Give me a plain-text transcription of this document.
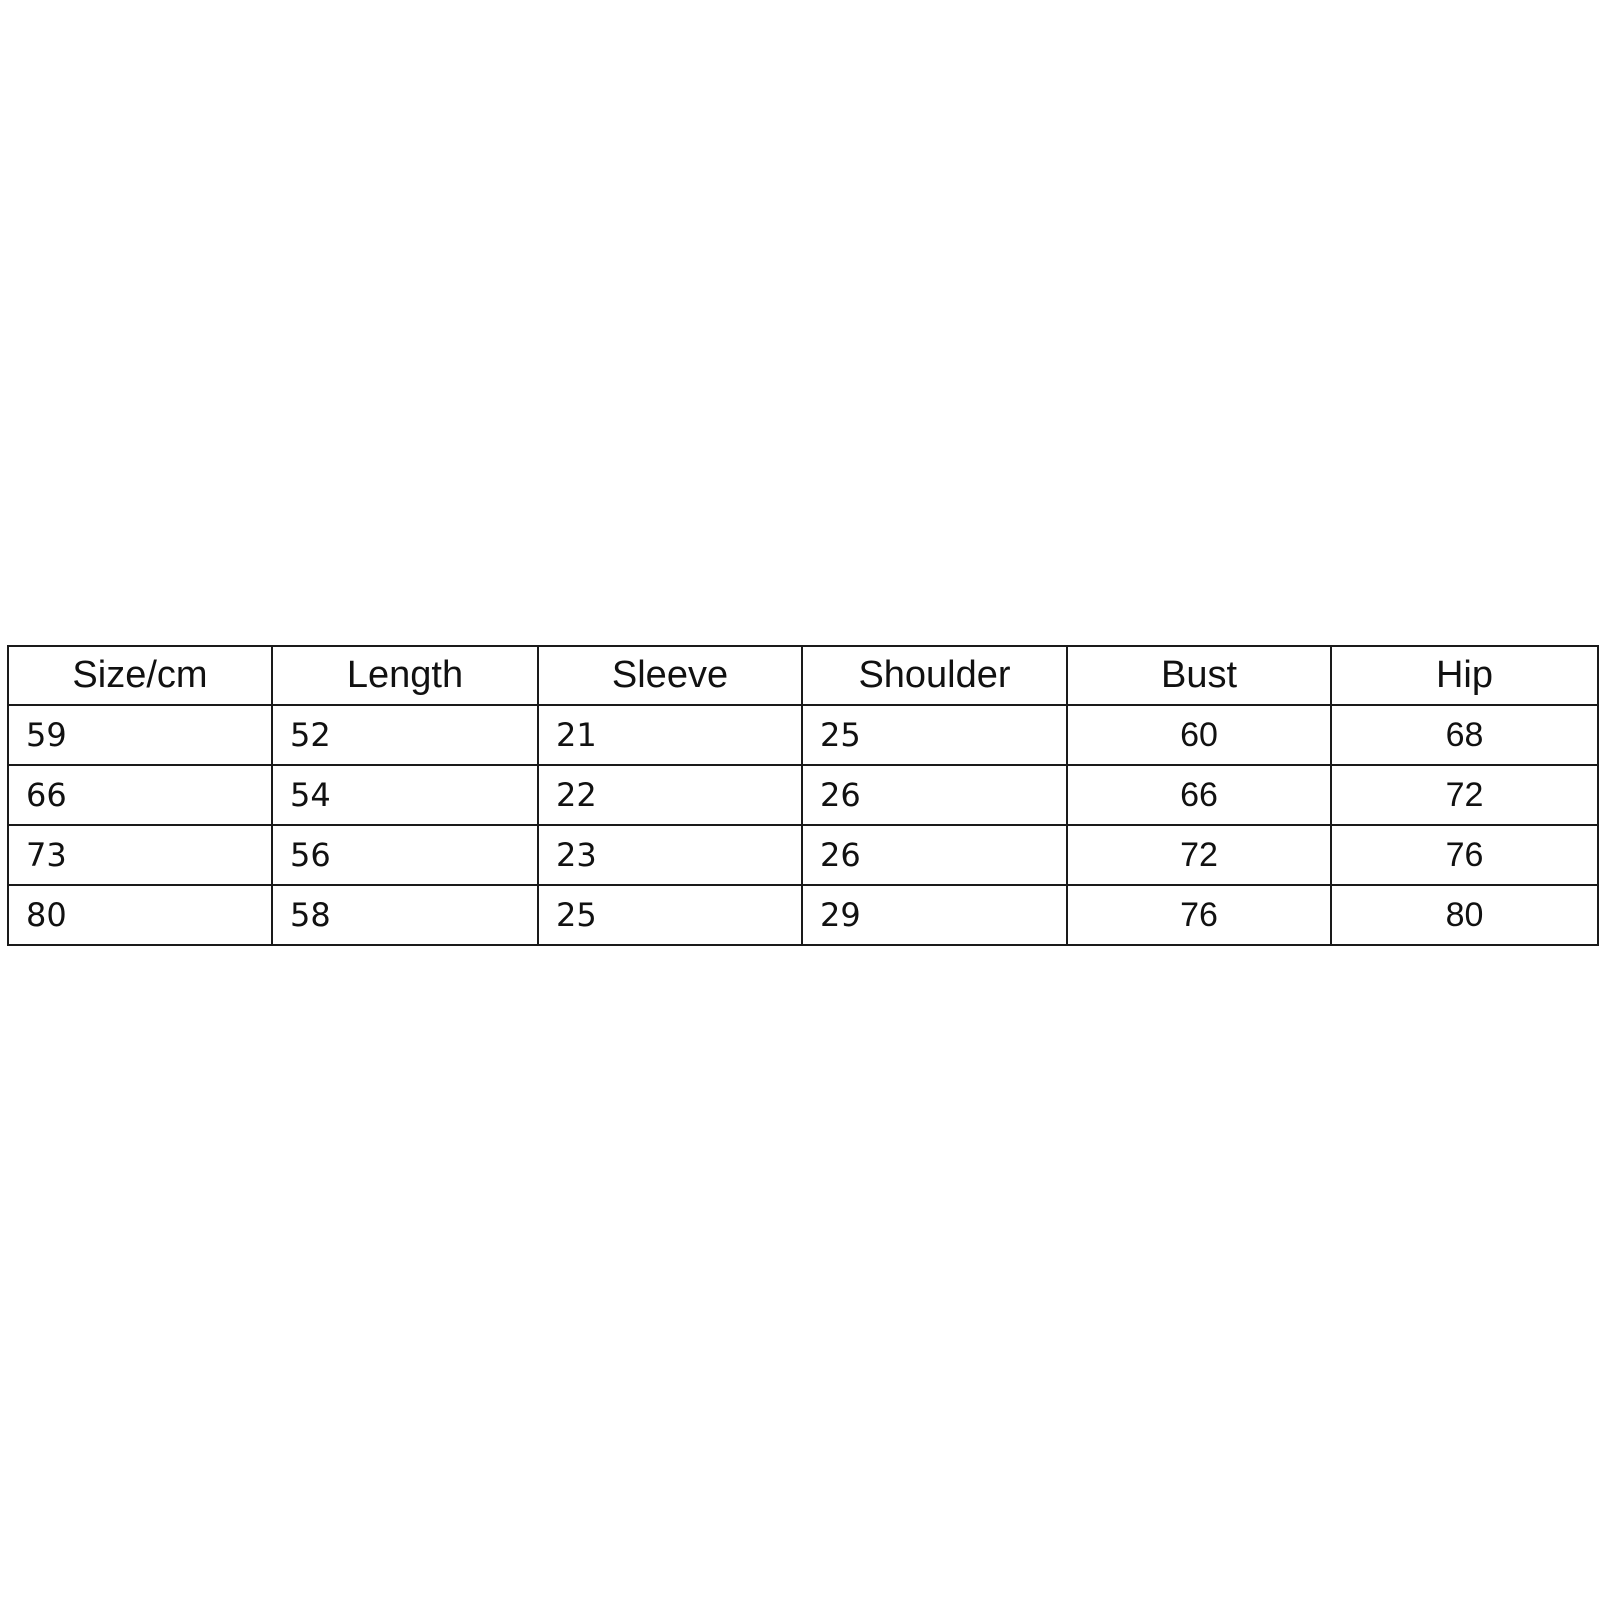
Size/cm	Length	Sleeve	Shoulder	Bust	Hip
59	52	21	25	60	68
66	54	22	26	66	72
73	56	23	26	72	76
80	58	25	29	76	80
